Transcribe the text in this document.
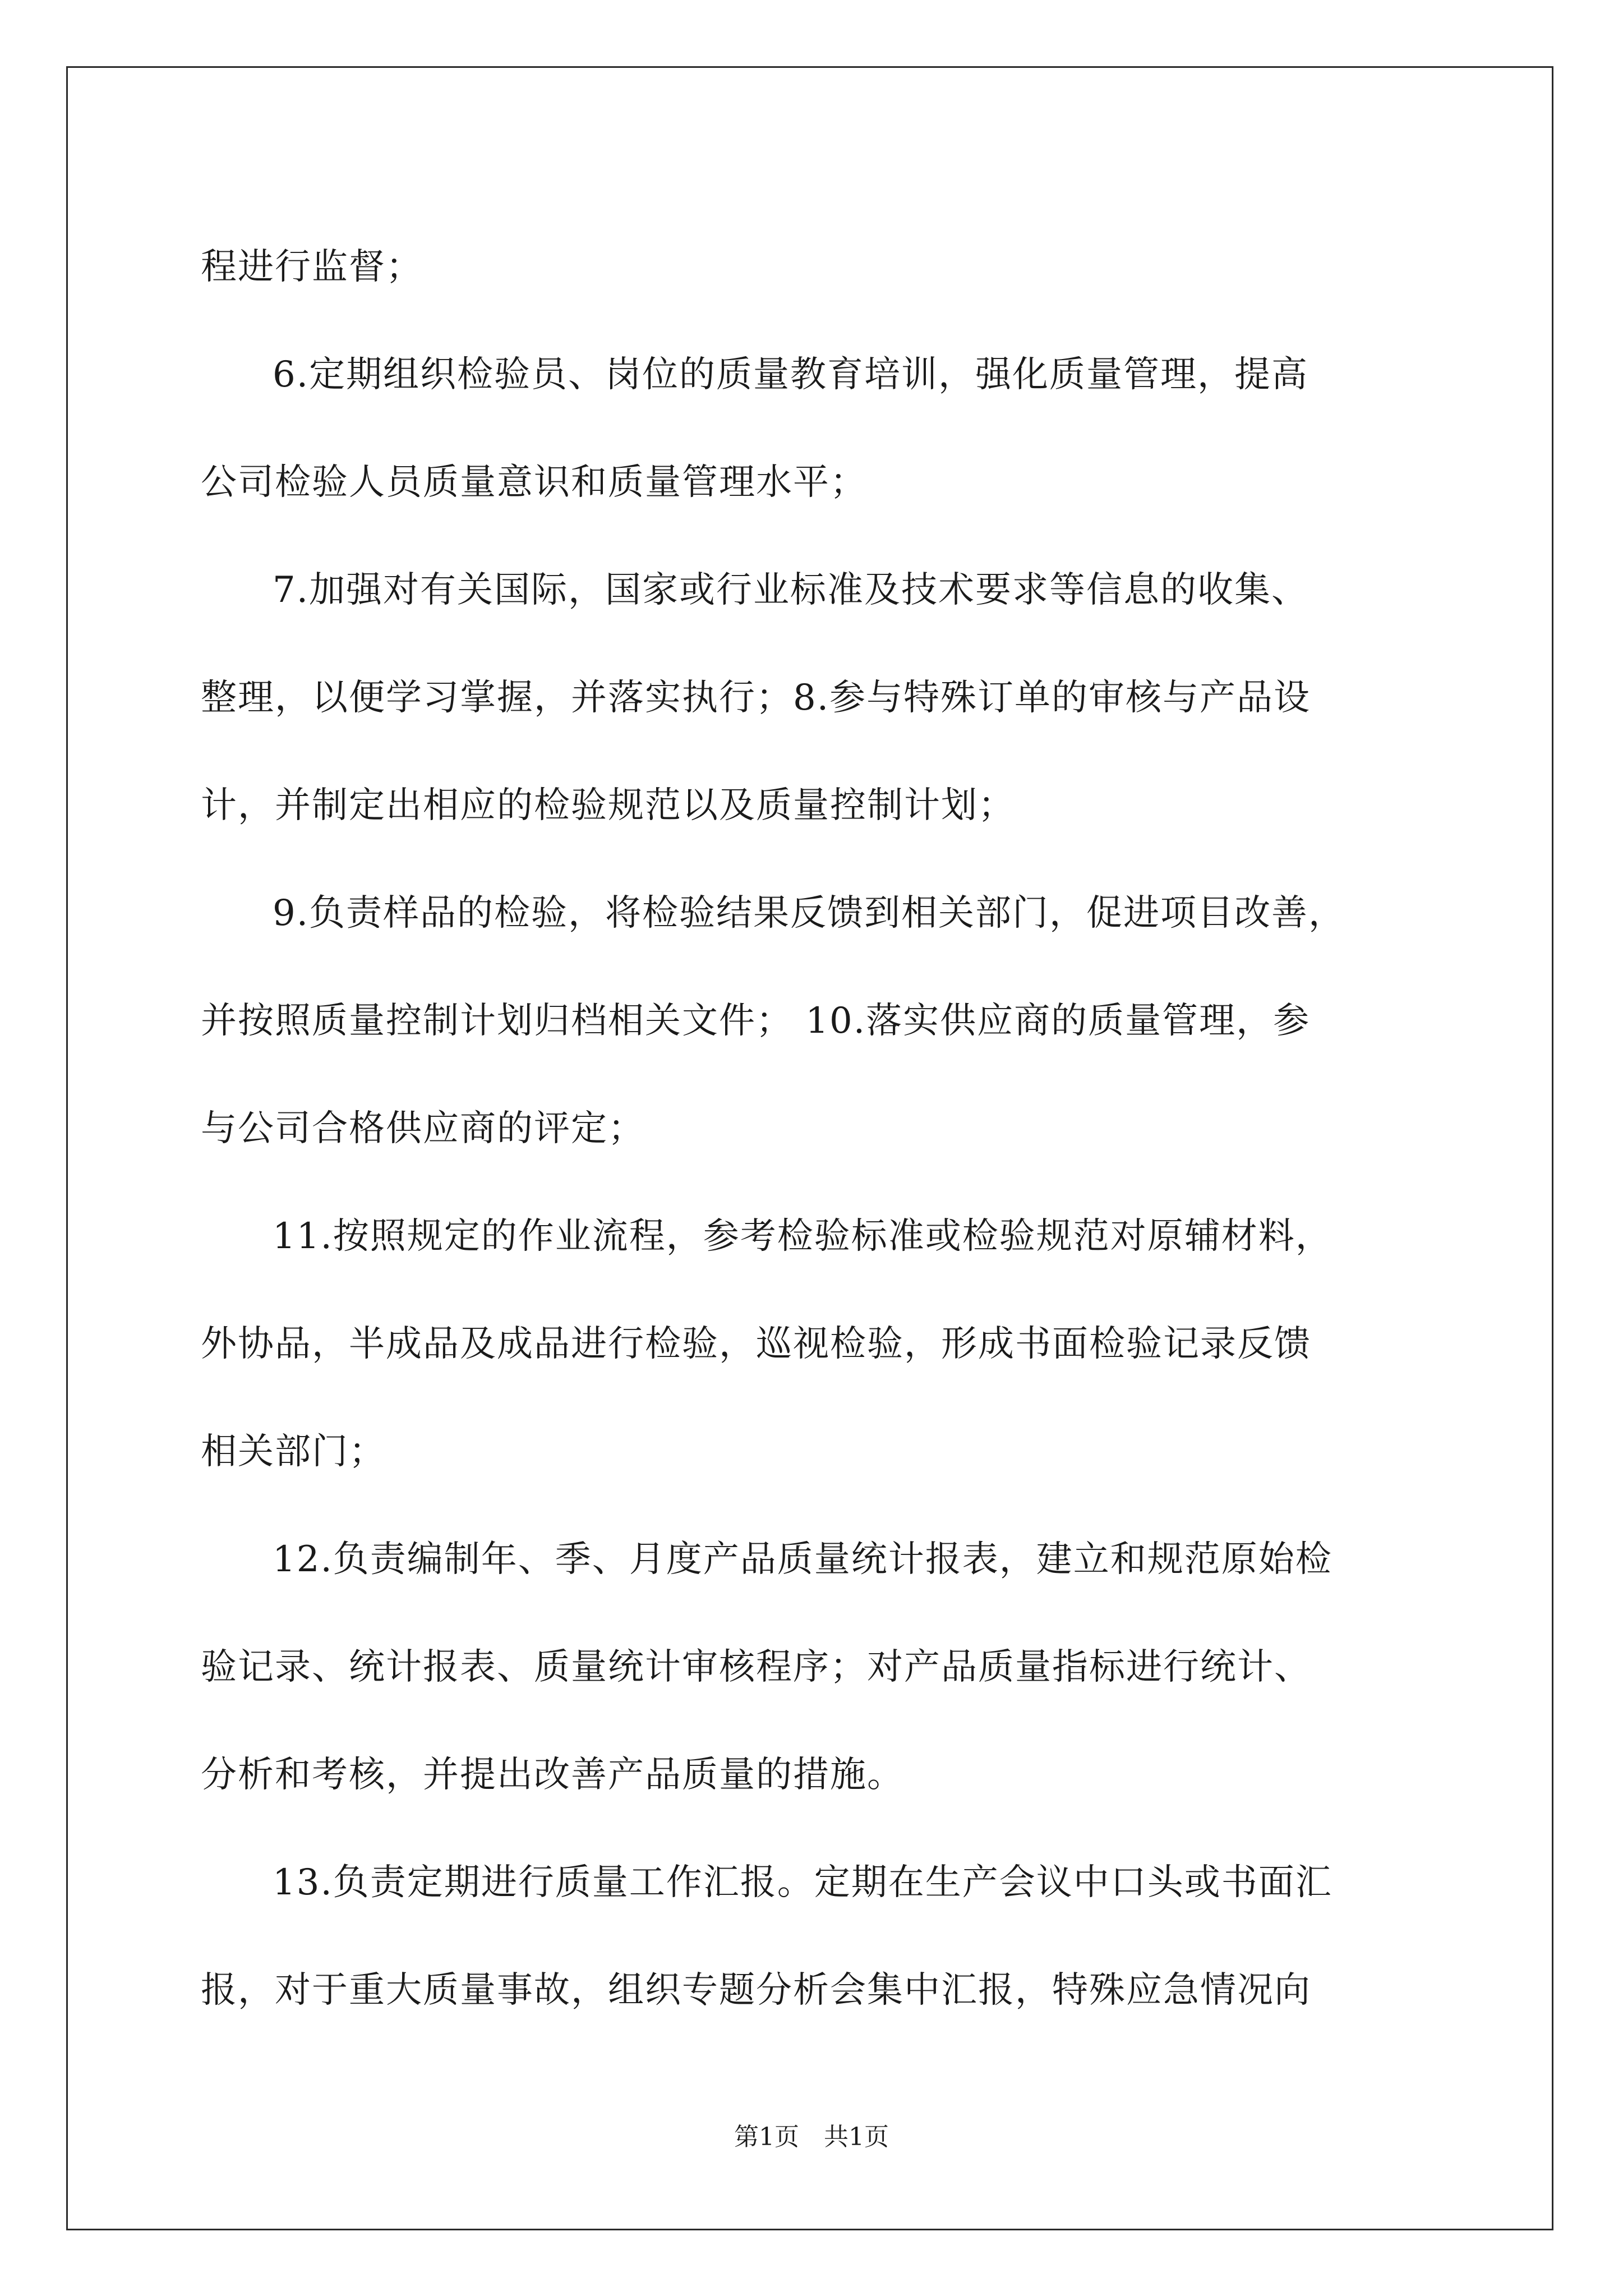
程进行监督；
6.定期组织检验员、岗位的质量教育培训，强化质量管理，提高
公司检验人员质量意识和质量管理水平；
7.加强对有关国际，国家或行业标准及技术要求等信息的收集、
整理，以便学习掌握，并落实执行；8.参与特殊订单的审核与产品设
计，并制定出相应的检验规范以及质量控制计划；
9.负责样品的检验，将检验结果反馈到相关部门，促进项目改善，
并按照质量控制计划归档相关文件； 10.落实供应商的质量管理，参
与公司合格供应商的评定；
11.按照规定的作业流程，参考检验标准或检验规范对原辅材料，
外协品，半成品及成品进行检验，巡视检验，形成书面检验记录反馈
相关部门；
12.负责编制年、季、月度产品质量统计报表，建立和规范原始检
验记录、统计报表、质量统计审核程序；对产品质量指标进行统计、
分析和考核，并提出改善产品质量的措施。
13.负责定期进行质量工作汇报。定期在生产会议中口头或书面汇
报，对于重大质量事故，组织专题分析会集中汇报，特殊应急情况向
第1页　共1页
